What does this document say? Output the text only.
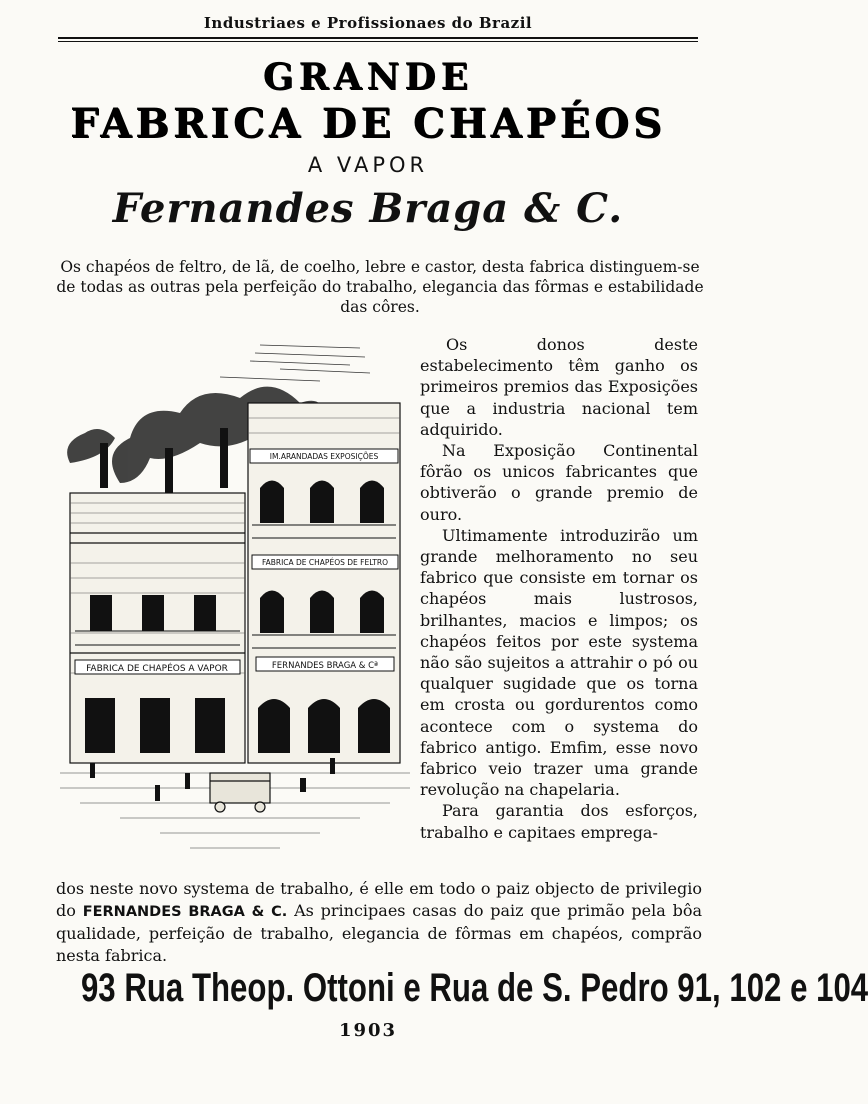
Industriaes e Profissionaes do Brazil
GRANDE
FABRICA DE CHAPÉOS
A VAPOR
Fernandes Braga & C.
Os chapéos de feltro, de lã, de coelho, lebre e castor, desta fabrica distinguem-se de todas as outras pela perfeição do trabalho, elegancia das fôrmas e estabilidade das côres.
FABRICA DE CHAPÉOS A VAPOR
IM.ARANDADAS EXPOSIÇÕES
FABRICA DE CHAPÉOS DE FELTRO
FERNANDES BRAGA & Cª

Os donos deste estabelecimento têm ganho os primeiros premios das Exposições que a industria nacional tem adquirido.

Na Exposição Continental fôrão os unicos fabricantes que obtiverão o grande premio de ouro.

Ultimamente introduzirão um grande melhoramento no seu fabrico que consiste em tornar os chapéos mais lustrosos, brilhantes, macios e limpos; os chapéos feitos por este systema não são sujeitos a attrahir o pó ou qualquer sugidade que os torna em crosta ou gordurentos como acontece com o systema do fabrico antigo. Emfim, esse novo fabrico veio trazer uma grande revolução na chapelaria.

Para garantia dos esforços, trabalho e capitaes emprega-

dos neste novo systema de trabalho, é elle em todo o paiz objecto de privilegio do FERNANDES BRAGA & C. As principaes casas do paiz que primão pela bôa qualidade, perfeição de trabalho, elegancia de fôrmas em chapéos, comprão nesta fabrica.
93 Rua Theop. Ottoni e Rua de S. Pedro 91, 102 e 104
1903
